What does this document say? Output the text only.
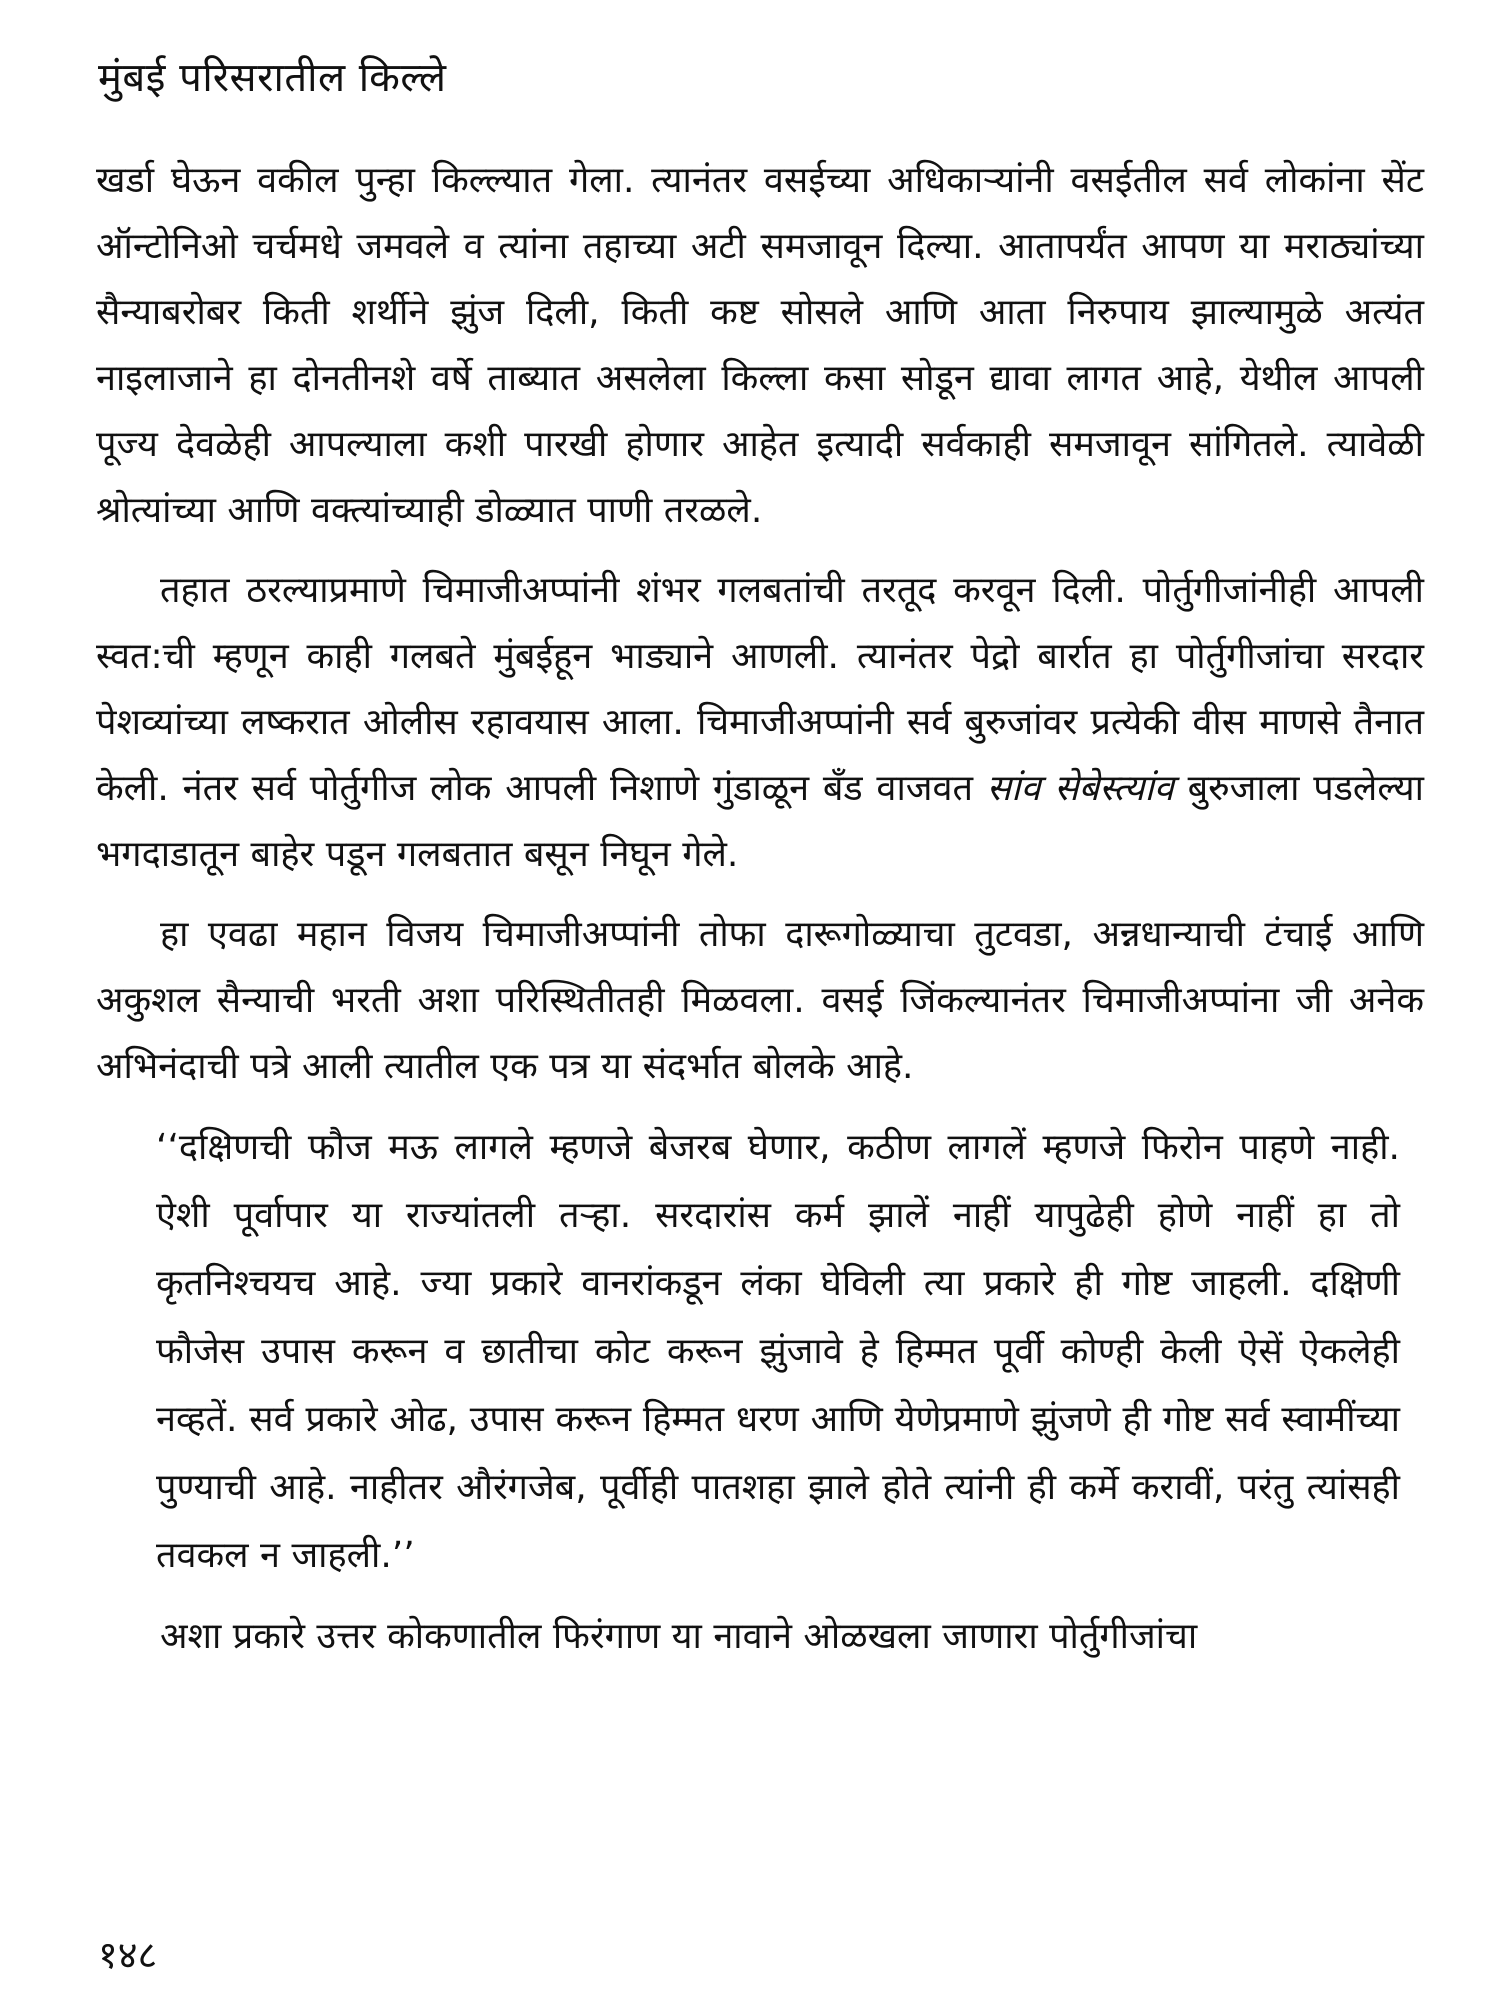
मुंबई परिसरातील किल्ले

खर्डा घेऊन वकील पुन्हा किल्ल्यात गेला. त्यानंतर वसईच्या अधिकाऱ्यांनी वसईतील सर्व लोकांना सेंट ऑन्टोनिओ चर्चमधे जमवले व त्यांना तहाच्या अटी समजावून दिल्या. आतापर्यंत आपण या मराठ्यांच्या सैन्याबरोबर किती शर्थीने झुंज दिली, किती कष्ट सोसले आणि आता निरुपाय झाल्यामुळे अत्यंत नाइलाजाने हा दोनतीनशे वर्षे ताब्यात असलेला किल्ला कसा सोडून द्यावा लागत आहे, येथील आपली पूज्य देवळेही आपल्याला कशी पारखी होणार आहेत इत्यादी सर्वकाही समजावून सांगितले. त्यावेळी श्रोत्यांच्या आणि वक्त्यांच्याही डोळ्यात पाणी तरळले.

तहात ठरल्याप्रमाणे चिमाजीअप्पांनी शंभर गलबतांची तरतूद करवून दिली. पोर्तुगीजांनीही आपली स्वत:ची म्हणून काही गलबते मुंबईहून भाड्याने आणली. त्यानंतर पेद्रो बार्रात हा पोर्तुगीजांचा सरदार पेशव्यांच्या लष्करात ओलीस रहावयास आला. चिमाजीअप्पांनी सर्व बुरुजांवर प्रत्येकी वीस माणसे तैनात केली. नंतर सर्व पोर्तुगीज लोक आपली निशाणे गुंडाळून बँड वाजवत सांव सेबेस्त्यांव बुरुजाला पडलेल्या भगदाडातून बाहेर पडून गलबतात बसून निघून गेले.

हा एवढा महान विजय चिमाजीअप्पांनी तोफा दारूगोळ्याचा तुटवडा, अन्नधान्याची टंचाई आणि अकुशल सैन्याची भरती अशा परिस्थितीतही मिळवला. वसई जिंकल्यानंतर चिमाजीअप्पांना जी अनेक अभिनंदाची पत्रे आली त्यातील एक पत्र या संदर्भात बोलके आहे.

‘‘दक्षिणची फौज मऊ लागले म्हणजे बेजरब घेणार, कठीण लागलें म्हणजे फिरोन पाहणे नाही. ऐशी पूर्वापार या राज्यांतली तऱ्हा. सरदारांस कर्म झालें नाहीं यापुढेही होणे नाहीं हा तो कृतनिश्चयच आहे. ज्या प्रकारे वानरांकडून लंका घेविली त्या प्रकारे ही गोष्ट जाहली. दक्षिणी फौजेस उपास करून व छातीचा कोट करून झुंजावे हे हिम्मत पूर्वी कोण्ही केली ऐसें ऐकलेही नव्हतें. सर्व प्रकारे ओढ, उपास करून हिम्मत धरण आणि येणेप्रमाणे झुंजणे ही गोष्ट सर्व स्वामींच्या पुण्याची आहे. नाहीतर औरंगजेब, पूर्वीही पातशहा झाले होते त्यांनी ही कर्मे करावीं, परंतु त्यांसही तवकल न जाहली.’’

अशा प्रकारे उत्तर कोकणातील फिरंगाण या नावाने ओळखला जाणारा पोर्तुगीजांचा

१४८
